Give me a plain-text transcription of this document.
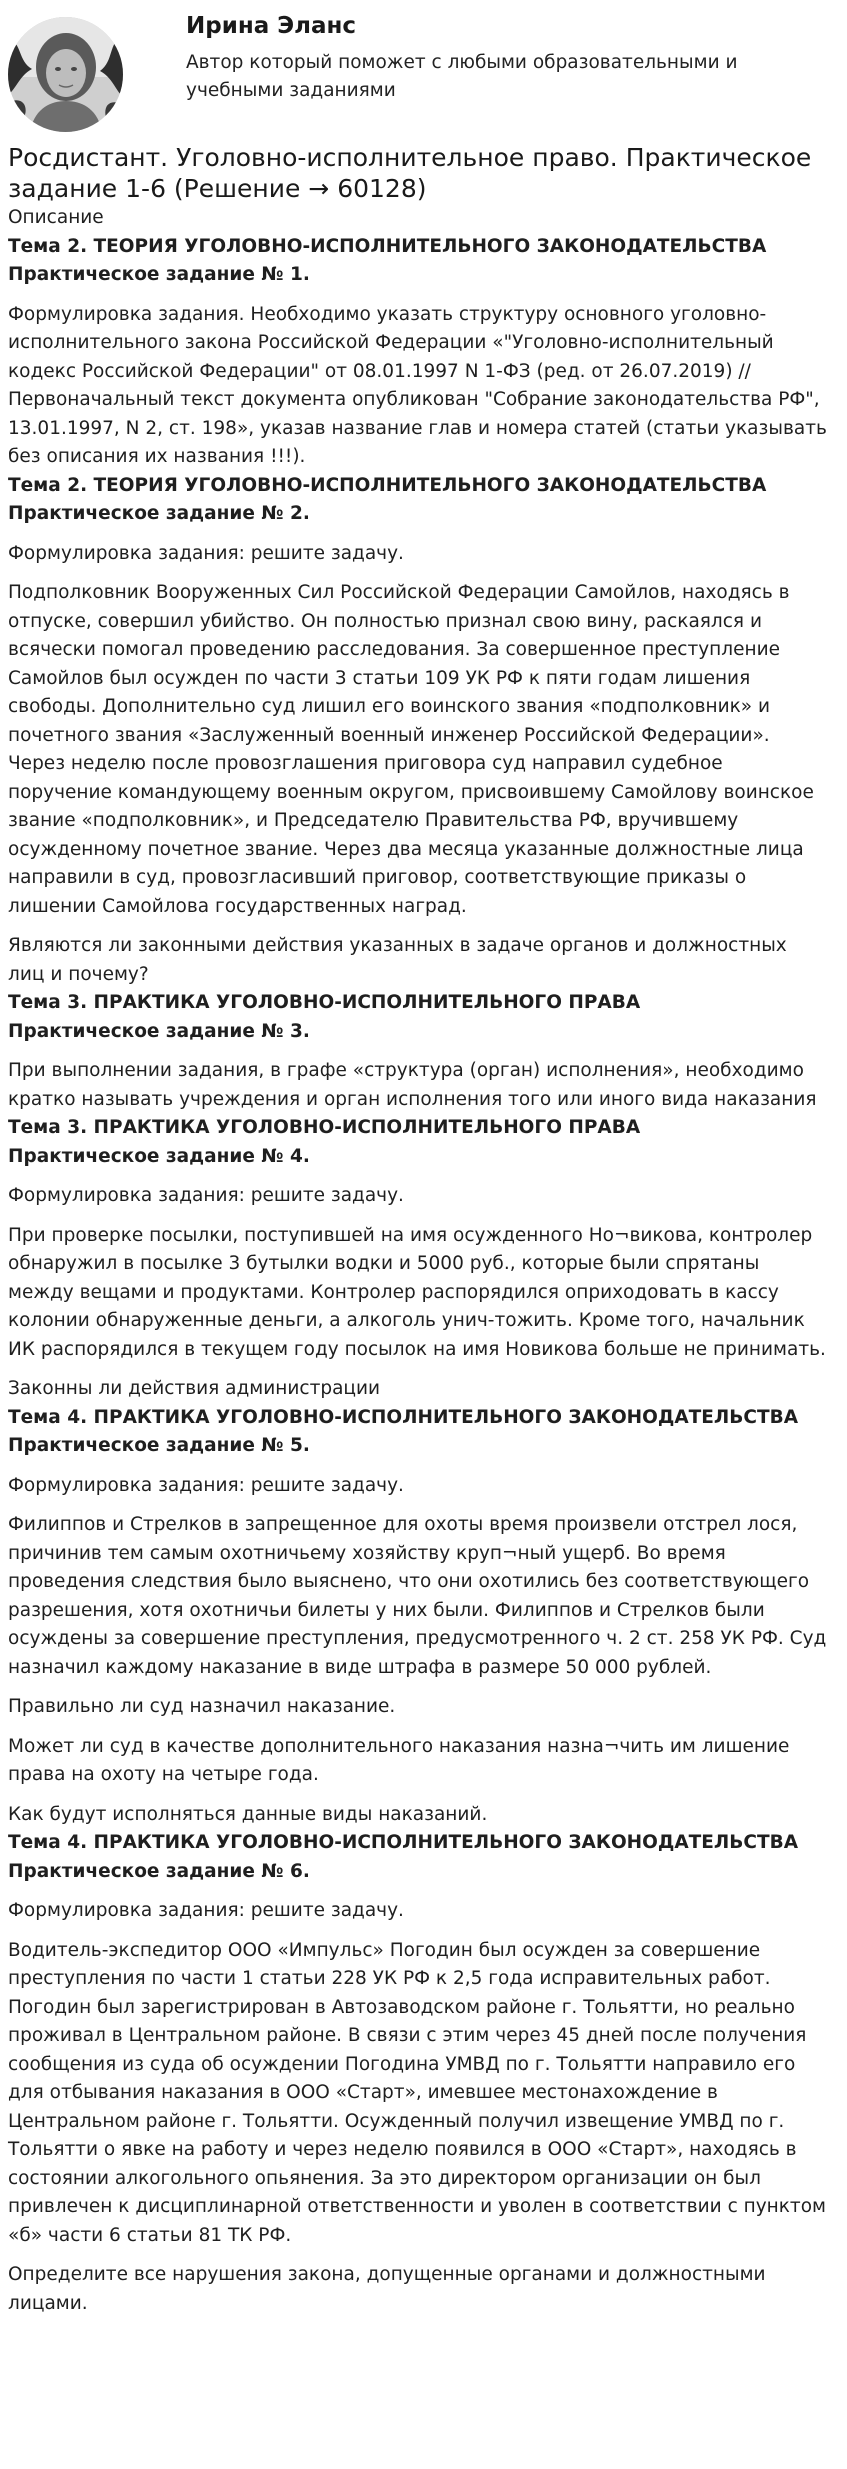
Ирина Эланс
Автор который поможет с любыми образовательными и учебными заданиями
Росдистант. Уголовно-исполнительное право. Практическое задание 1-6 (Решение → 60128)

Описание

Тема 2. ТЕОРИЯ УГОЛОВНО-ИСПОЛНИТЕЛЬНОГО ЗАКОНОДАТЕЛЬСТВА

Практическое задание № 1.

Формулировка задания. Необходимо указать структуру основного уголовно-исполнительного закона Российской Федерации «"Уголовно-исполнительный кодекс Российской Федерации" от 08.01.1997 N 1-ФЗ (ред. от 26.07.2019) // Первоначальный текст документа опубликован "Собрание законодательства РФ", 13.01.1997, N 2, ст. 198», указав название глав и номера статей (статьи указывать без описания их названия !!!).

Тема 2. ТЕОРИЯ УГОЛОВНО-ИСПОЛНИТЕЛЬНОГО ЗАКОНОДАТЕЛЬСТВА

Практическое задание № 2.

Формулировка задания: решите задачу.

Подполковник Вооруженных Сил Российской Федерации Самойлов, находясь в отпуске, совершил убийство. Он полностью признал свою вину, раскаялся и всячески помогал проведению расследования. За совершенное преступление Самойлов был осужден по части 3 статьи 109 УК РФ к пяти годам лишения свободы. Дополнительно суд лишил его воинского звания «подполковник» и почетного звания «Заслуженный военный инженер Российской Федерации». Через неделю после провозглашения приговора суд направил судебное поручение командующему военным округом, присвоившему Самойлову воинское звание «подполковник», и Председателю Правительства РФ, вручившему осужденному почетное звание. Через два месяца указанные должностные лица направили в суд, провозгласивший приговор, соответствующие приказы о лишении Самойлова государственных наград.

Являются ли законными действия указанных в задаче органов и должностных лиц и почему?

Тема 3. ПРАКТИКА УГОЛОВНО-ИСПОЛНИТЕЛЬНОГО ПРАВА

Практическое задание № 3.

При выполнении задания, в графе «структура (орган) исполнения», необходимо кратко называть учреждения и орган исполнения того или иного вида наказания

Тема 3. ПРАКТИКА УГОЛОВНО-ИСПОЛНИТЕЛЬНОГО ПРАВА

Практическое задание № 4.

Формулировка задания: решите задачу.

При проверке посылки, поступившей на имя осужденного Но¬викова, контролер обнаружил в посылке 3 бутылки водки и 5000 руб., которые были спрятаны между вещами и продуктами. Контролер распорядился оприходовать в кассу колонии обнаруженные деньги, а алкоголь унич-тожить. Кроме того, начальник ИК распорядился в текущем году посылок на имя Новикова больше не принимать.

Законны ли действия администрации

Тема 4. ПРАКТИКА УГОЛОВНО-ИСПОЛНИТЕЛЬНОГО ЗАКОНОДАТЕЛЬСТВА

Практическое задание № 5.

Формулировка задания: решите задачу.

Филиппов и Стрелков в запрещенное для охоты время произвели отстрел лося, причинив тем самым охотничьему хозяйству круп¬ный ущерб. Во время проведения следствия было выяснено, что они охотились без соответствующего разрешения, хотя охотничьи билеты у них были. Филиппов и Стрелков были осуждены за совершение преступления, предусмотренного ч. 2 ст. 258 УК РФ. Суд назначил каждому наказание в виде штрафа в размере 50 000 рублей.

Правильно ли суд назначил наказание.

Может ли суд в качестве дополнительного наказания назна¬чить им лишение права на охоту на четыре года.

Как будут исполняться данные виды наказаний.

Тема 4. ПРАКТИКА УГОЛОВНО-ИСПОЛНИТЕЛЬНОГО ЗАКОНОДАТЕЛЬСТВА

Практическое задание № 6.

Формулировка задания: решите задачу.

Водитель-экспедитор ООО «Импульс» Погодин был осужден за совершение преступления по части 1 статьи 228 УК РФ к 2,5 года исправительных работ. Погодин был зарегистрирован в Автозаводском районе г. Тольятти, но реально проживал в Центральном районе. В связи с этим через 45 дней после получения сообщения из суда об осуждении Погодина УМВД по г. Тольятти направило его для отбывания наказания в ООО «Старт», имевшее местонахождение в Центральном районе г. Тольятти. Осужденный получил извещение УМВД по г. Тольятти о явке на работу и через неделю появился в ООО «Старт», находясь в состоянии алкогольного опьянения. За это директором организации он был привлечен к дисциплинарной ответственности и уволен в соответствии с пунктом «б» части 6 статьи 81 ТК РФ.

Определите все нарушения закона, допущенные органами и должностными лицами.
